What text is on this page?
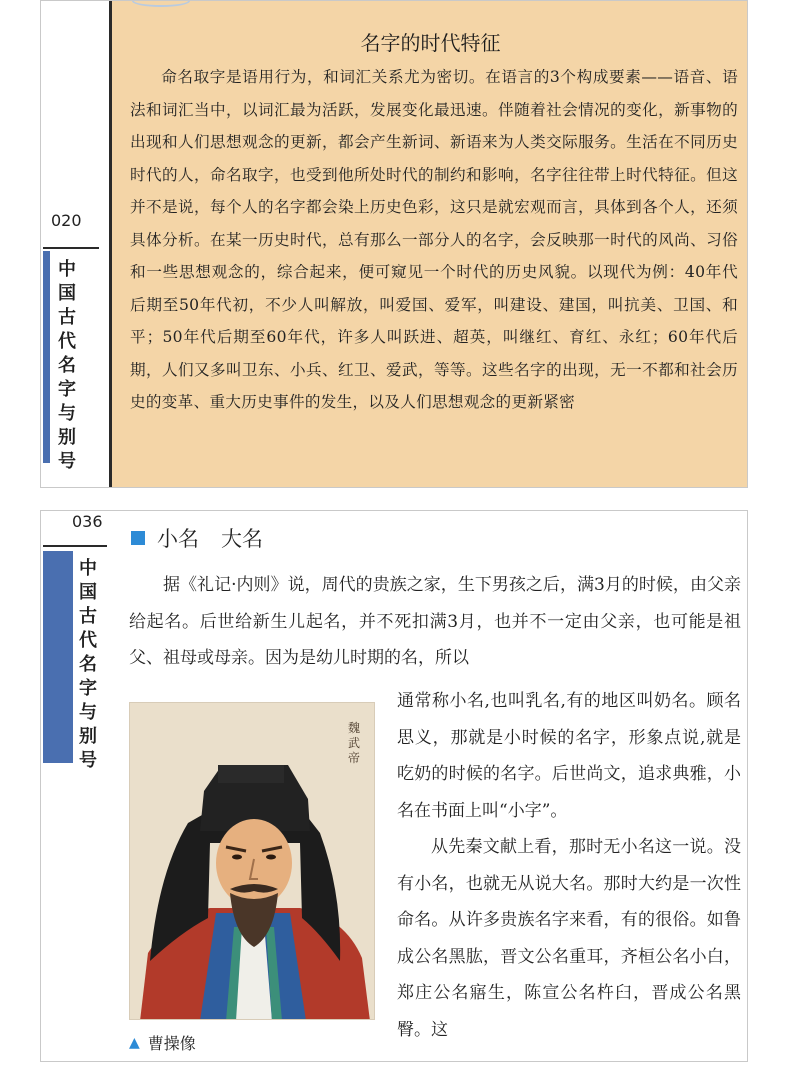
020
中国古代名字与别号
名字的时代特征
命名取字是语用行为，和词汇关系尤为密切。在语言的3个构成要素——语音、语法和词汇当中，以词汇最为活跃，发展变化最迅速。伴随着社会情况的变化，新事物的出现和人们思想观念的更新，都会产生新词、新语来为人类交际服务。生活在不同历史时代的人，命名取字，也受到他所处时代的制约和影响，名字往往带上时代特征。但这并不是说，每个人的名字都会染上历史色彩，这只是就宏观而言，具体到各个人，还须具体分析。在某一历史时代，总有那么一部分人的名字，会反映那一时代的风尚、习俗和一些思想观念的，综合起来，便可窥见一个时代的历史风貌。以现代为例：40年代后期至50年代初，不少人叫解放，叫爱国、爱军，叫建设、建国，叫抗美、卫国、和平；50年代后期至60年代，许多人叫跃进、超英，叫继红、育红、永红；60年代后期，人们又多叫卫东、小兵、红卫、爱武，等等。这些名字的出现，无一不都和社会历史的变革、重大历史事件的发生，以及人们思想观念的更新紧密
036
中国古代名字与别号
小名 大名
据《礼记·内则》说，周代的贵族之家，生下男孩之后，满3月的时候，由父亲给起名。后世给新生儿起名，并不死扣满3月，也并不一定由父亲，也可能是祖父、祖母或母亲。因为是幼儿时期的名，所以
魏武帝
▲ 曹操像

通常称小名,也叫乳名,有的地区叫奶名。顾名思义，那就是小时候的名字，形象点说,就是吃奶的时候的名字。后世尚文，追求典雅，小名在书面上叫“小字”。

从先秦文献上看，那时无小名这一说。没有小名，也就无从说大名。那时大约是一次性命名。从许多贵族名字来看，有的很俗。如鲁成公名黑肱，晋文公名重耳，齐桓公名小白，郑庄公名寤生，陈宣公名杵臼，晋成公名黑臀。这
